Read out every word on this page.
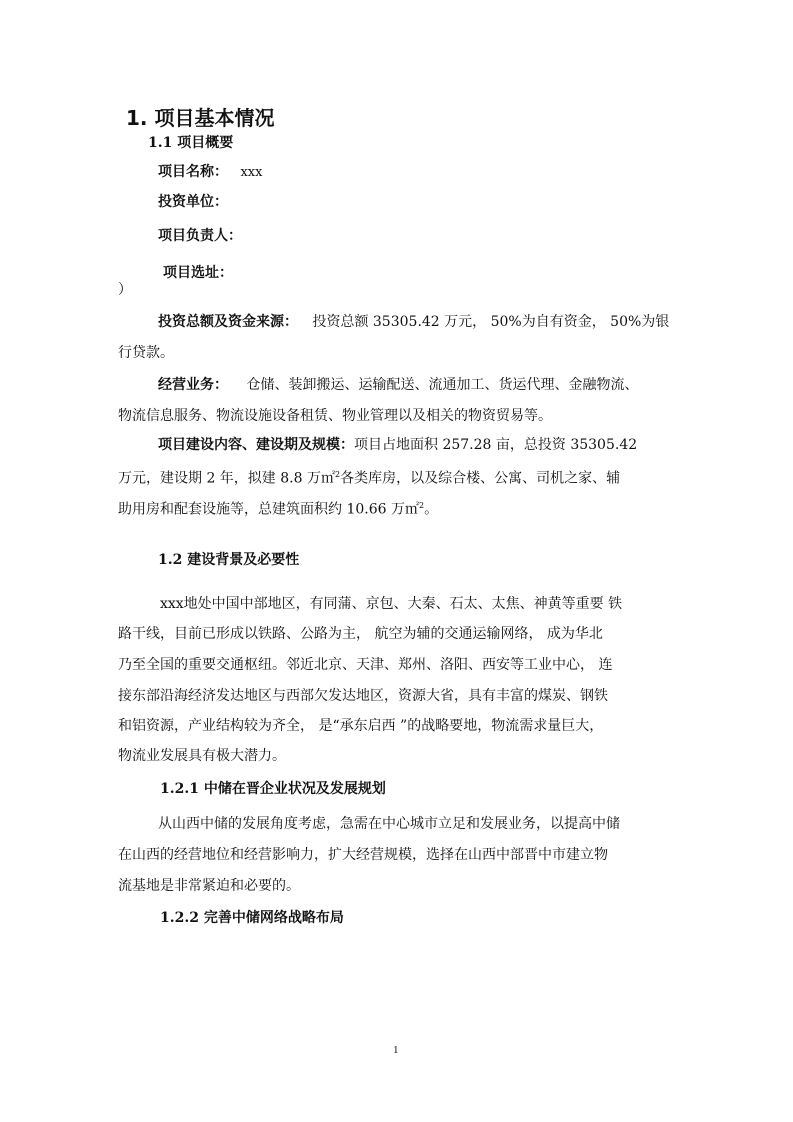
1. 项目基本情况
1.1 项目概要
项目名称： xxx
投资单位：
项目负责人：
项目选址：
）
投资总额及资金来源： 投资总额 35305.42 万元， 50%为自有资金， 50%为银
行贷款。
经营业务： 仓储、装卸搬运、运输配送、流通加工、货运代理、金融物流、
物流信息服务、物流设施设备租赁、物业管理以及相关的物资贸易等。
项目建设内容、建设期及规模：项目占地面积 257.28 亩，总投资 35305.42
万元，建设期 2 年，拟建 8.8 万㎡$^2$各类库房，以及综合楼、公寓、司机之家、辅
助用房和配套设施等，总建筑面积约 10.66 万㎡$^2$。
1.2 建设背景及必要性
xxx地处中国中部地区，有同蒲、京包、大秦、石太、太焦、神黄等重要 铁
路干线，目前已形成以铁路、公路为主， 航空为辅的交通运输网络， 成为华北
乃至全国的重要交通枢纽。邻近北京、天津、郑州、洛阳、西安等工业中心， 连
接东部沿海经济发达地区与西部欠发达地区，资源大省，具有丰富的煤炭、钢铁
和铝资源，产业结构较为齐全， 是“承东启西 ”的战略要地，物流需求量巨大，
物流业发展具有极大潜力。
1.2.1 中储在晋企业状况及发展规划
从山西中储的发展角度考虑，急需在中心城市立足和发展业务，以提高中储
在山西的经营地位和经营影响力，扩大经营规模，选择在山西中部晋中市建立物
流基地是非常紧迫和必要的。
1.2.2 完善中储网络战略布局
1
